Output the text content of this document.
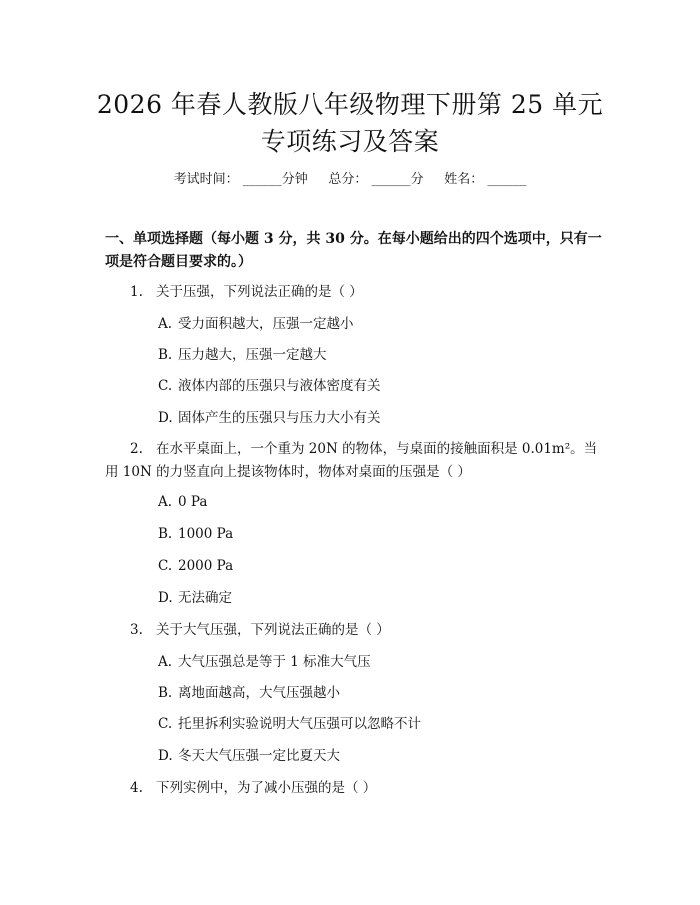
2026 年春人教版八年级物理下册第 25 单元
专项练习及答案
考试时间： ______分钟     总分： ______分     姓名： ______

一、单项选择题（每小题 3 分，共 30 分。在每小题给出的四个选项中，只有一项是符合题目要求的。）

1. 关于压强，下列说法正确的是（ ）
A. 受力面积越大，压强一定越小
B. 压力越大，压强一定越大
C. 液体内部的压强只与液体密度有关
D. 固体产生的压强只与压力大小有关
2. 在水平桌面上，一个重为 20N 的物体，与桌面的接触面积是 0.01m²。当用 10N 的力竖直向上提该物体时，物体对桌面的压强是（ ）
A. 0 Pa
B. 1000 Pa
C. 2000 Pa
D. 无法确定
3. 关于大气压强，下列说法正确的是（ ）
A. 大气压强总是等于 1 标准大气压
B. 离地面越高，大气压强越小
C. 托里拆利实验说明大气压强可以忽略不计
D. 冬天大气压强一定比夏天大
4. 下列实例中，为了减小压强的是（ ）
